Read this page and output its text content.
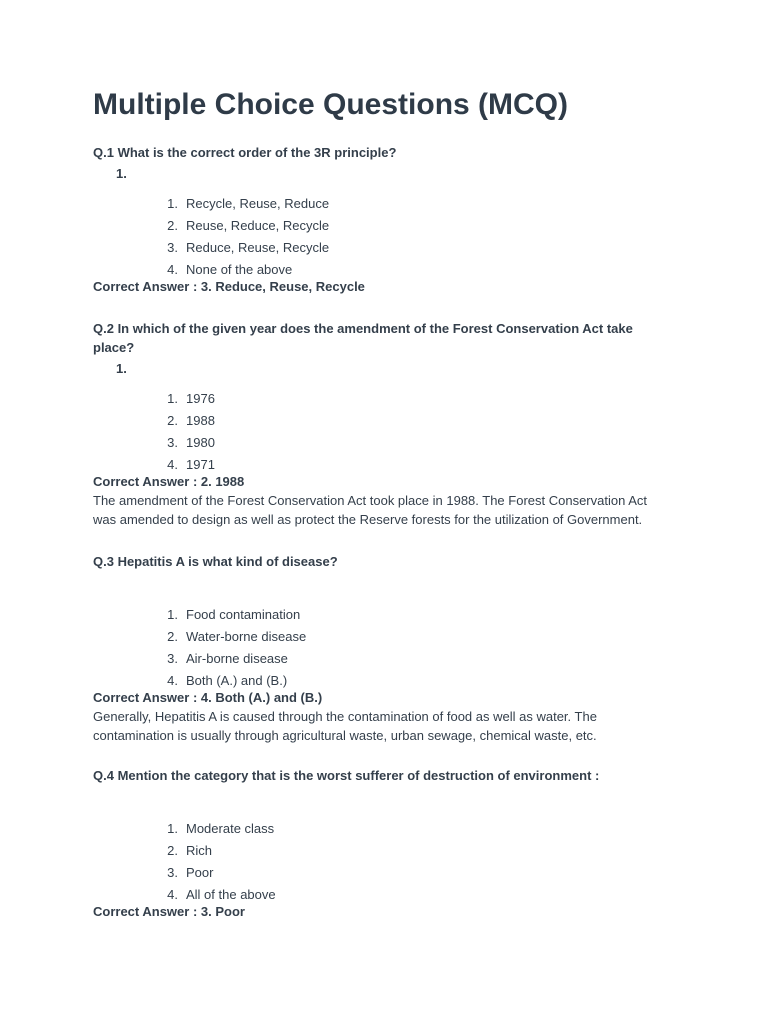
Multiple Choice Questions (MCQ)
Q.1 What is the correct order of the 3R principle?
1.
1. Recycle, Reuse, Reduce
2. Reuse, Reduce, Recycle
3. Reduce, Reuse, Recycle
4. None of the above
Correct Answer : 3. Reduce, Reuse, Recycle
Q.2 In which of the given year does the amendment of the Forest Conservation Act take
place?
1.
1. 1976
2. 1988
3. 1980
4. 1971
Correct Answer : 2. 1988
The amendment of the Forest Conservation Act took place in 1988. The Forest Conservation Act
was amended to design as well as protect the Reserve forests for the utilization of Government.
Q.3 Hepatitis A is what kind of disease?
1. Food contamination
2. Water-borne disease
3. Air-borne disease
4. Both (A.) and (B.)
Correct Answer : 4. Both (A.) and (B.)
Generally, Hepatitis A is caused through the contamination of food as well as water. The
contamination is usually through agricultural waste, urban sewage, chemical waste, etc.
Q.4 Mention the category that is the worst sufferer of destruction of environment :
1. Moderate class
2. Rich
3. Poor
4. All of the above
Correct Answer : 3. Poor
